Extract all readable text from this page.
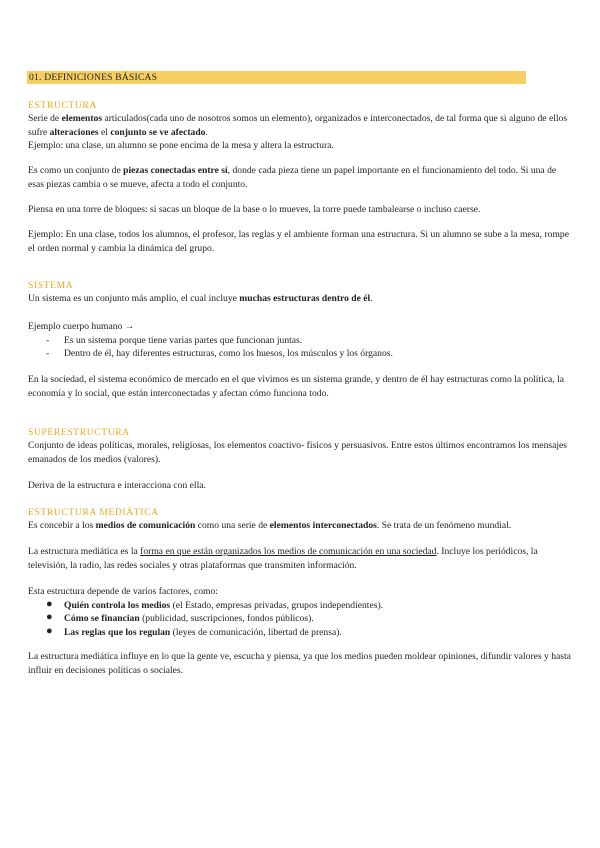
01. DEFINICIONES BÁSICAS
ESTRUCTURA

Serie de elementos articulados(cada uno de nosotros somos un elemento), organizados e interconectados, de tal forma que si alguno de ellos sufre alteraciones el conjunto se ve afectado.

Ejemplo: una clase, un alumno se pone encima de la mesa y altera la estructura.

Es como un conjunto de piezas conectadas entre sí, donde cada pieza tiene un papel importante en el funcionamiento del todo. Si una de esas piezas cambia o se mueve, afecta a todo el conjunto.

Piensa en una torre de bloques: si sacas un bloque de la base o lo mueves, la torre puede tambalearse o incluso caerse.

Ejemplo: En una clase, todos los alumnos, el profesor, las reglas y el ambiente forman una estructura. Si un alumno se sube a la mesa, rompe el orden normal y cambia la dinámica del grupo.

SISTEMA

Un sistema es un conjunto más amplio, el cual incluye muchas estructuras dentro de él.

Ejemplo cuerpo humano →

- Es un sistema porque tiene varias partes que funcionan juntas.

- Dentro de él, hay diferentes estructuras, como los huesos, los músculos y los órganos.

En la sociedad, el sistema económico de mercado en el que vivimos es un sistema grande, y dentro de él hay estructuras como la política, la economía y lo social, que están interconectadas y afectan cómo funciona todo.

SUPERESTRUCTURA

Conjunto de ideas políticas, morales, religiosas, los elementos coactivo- físicos y persuasivos. Entre estos últimos encontramos los mensajes emanados de los medios (valores).

Deriva de la estructura e interacciona con ella.

ESTRUCTURA MEDIÁTICA

Es concebir a los medios de comunicación como una serie de elementos interconectados. Se trata de un fenómeno mundial.

La estructura mediática es la forma en que están organizados los medios de comunicación en una sociedad. Incluye los periódicos, la televisión, la radio, las redes sociales y otras plataformas que transmiten información.

Esta estructura depende de varios factores, como:

● Quién controla los medios (el Estado, empresas privadas, grupos independientes).

● Cómo se financian (publicidad, suscripciones, fondos públicos).

● Las reglas que los regulan (leyes de comunicación, libertad de prensa).

La estructura mediática influye en lo que la gente ve, escucha y piensa, ya que los medios pueden moldear opiniones, difundir valores y hasta influir en decisiones políticas o sociales.
